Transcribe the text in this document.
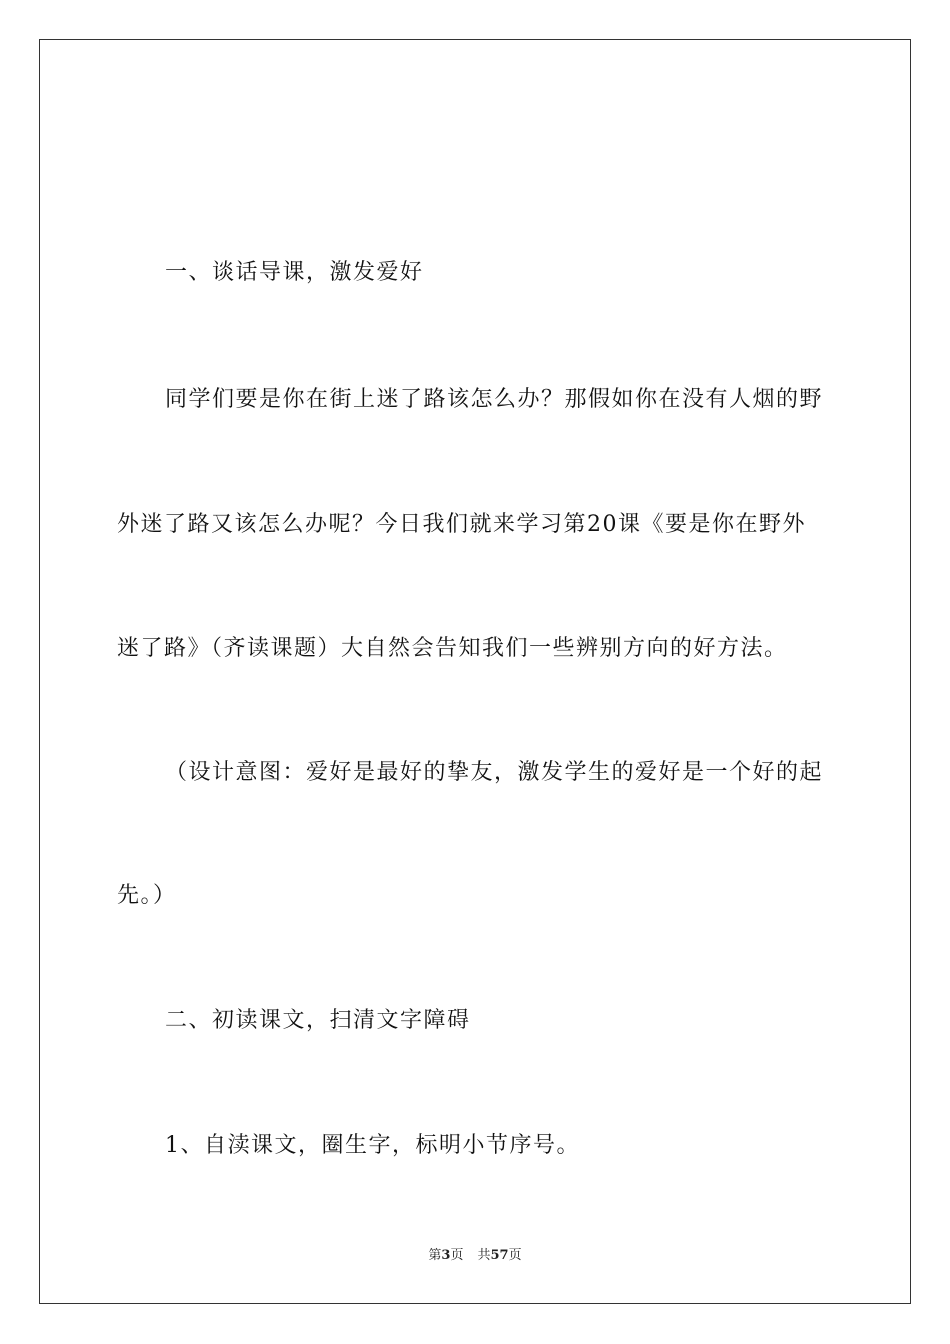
一、谈话导课，激发爱好
同学们要是你在街上迷了路该怎么办？那假如你在没有人烟的野
外迷了路又该怎么办呢？今日我们就来学习第20课《要是你在野外
迷了路》（齐读课题）大自然会告知我们一些辨别方向的好方法。
（设计意图：爱好是最好的挚友，激发学生的爱好是一个好的起
先。）
二、初读课文，扫清文字障碍
1、自渎课文，圈生字，标明小节序号。
第3页 共57页
